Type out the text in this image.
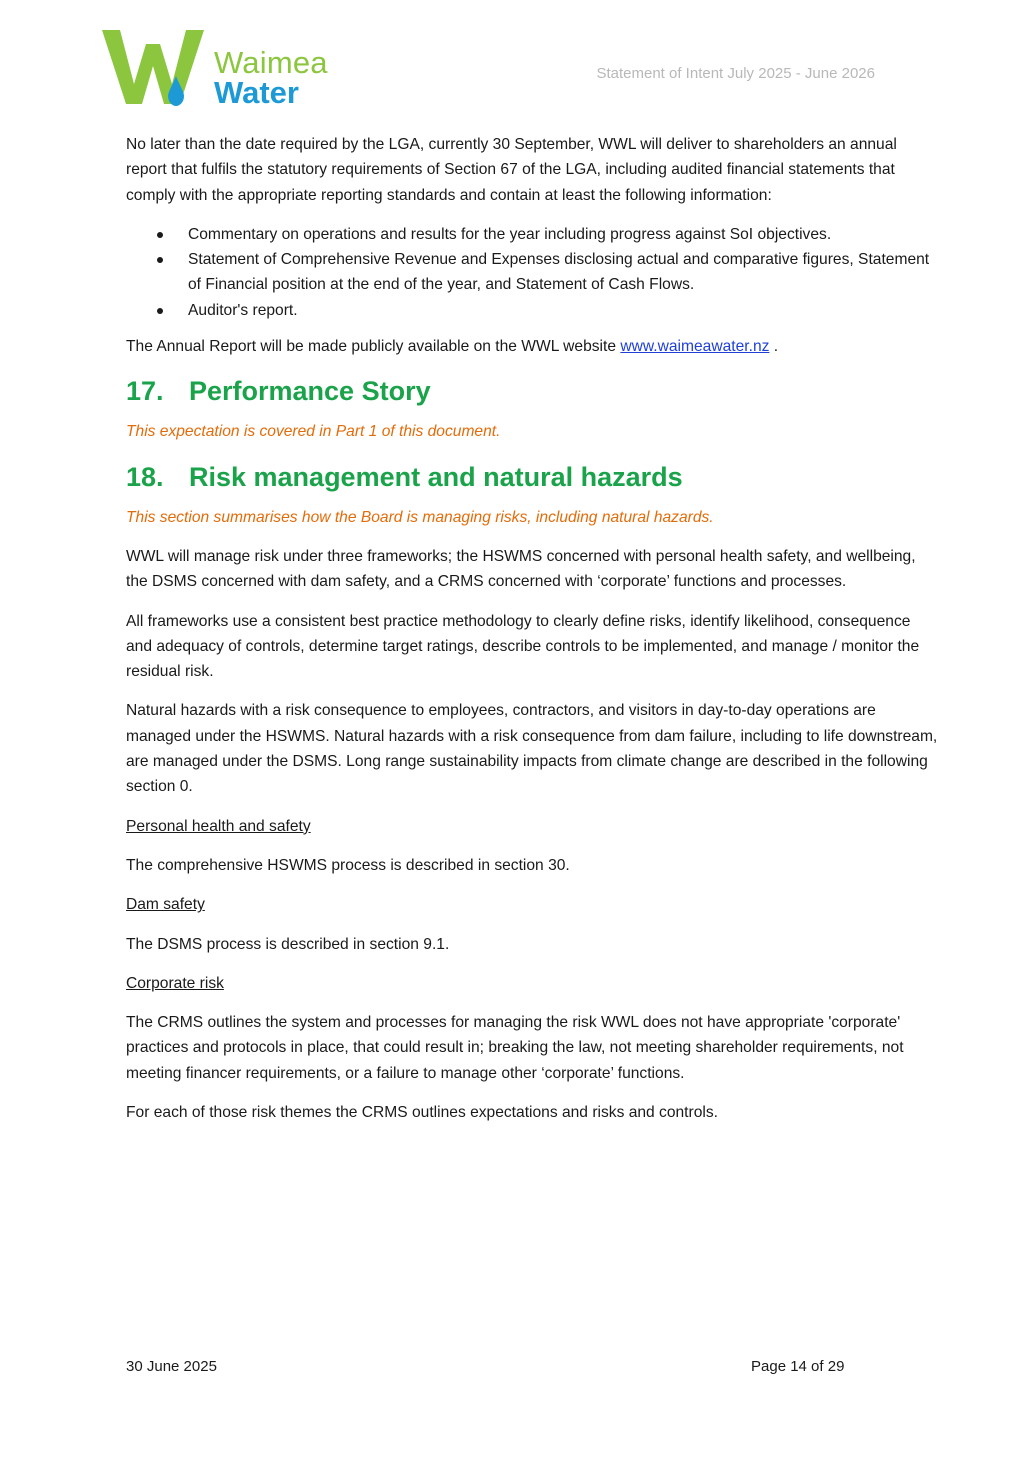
Waimea
Water
Statement of Intent July 2025 - June 2026

No later than the date required by the LGA, currently 30 September, WWL will deliver to shareholders an annual report that fulfils the statutory requirements of Section 67 of the LGA, including audited financial statements that comply with the appropriate reporting standards and contain at least the following information:

Commentary on operations and results for the year including progress against SoI objectives.
Statement of Comprehensive Revenue and Expenses disclosing actual and comparative figures, Statement of Financial position at the end of the year, and Statement of Cash Flows.
Auditor's report.

The Annual Report will be made publicly available on the WWL website www.waimeawater.nz .

17. Performance Story

This expectation is covered in Part 1 of this document.

18. Risk management and natural hazards

This section summarises how the Board is managing risks, including natural hazards.

WWL will manage risk under three frameworks; the HSWMS concerned with personal health safety, and wellbeing, the DSMS concerned with dam safety, and a CRMS concerned with ‘corporate’ functions and processes.

All frameworks use a consistent best practice methodology to clearly define risks, identify likelihood, consequence and adequacy of controls, determine target ratings, describe controls to be implemented, and manage / monitor the residual risk.

Natural hazards with a risk consequence to employees, contractors, and visitors in day-to-day operations are managed under the HSWMS. Natural hazards with a risk consequence from dam failure, including to life downstream, are managed under the DSMS. Long range sustainability impacts from climate change are described in the following section 0.

Personal health and safety

The comprehensive HSWMS process is described in section 30.

Dam safety

The DSMS process is described in section 9.1.

Corporate risk

The CRMS outlines the system and processes for managing the risk WWL does not have appropriate 'corporate' practices and protocols in place, that could result in; breaking the law, not meeting shareholder requirements, not meeting financer requirements, or a failure to manage other ‘corporate’ functions.

For each of those risk themes the CRMS outlines expectations and risks and controls.

30 June 2025	Page 14 of 29
